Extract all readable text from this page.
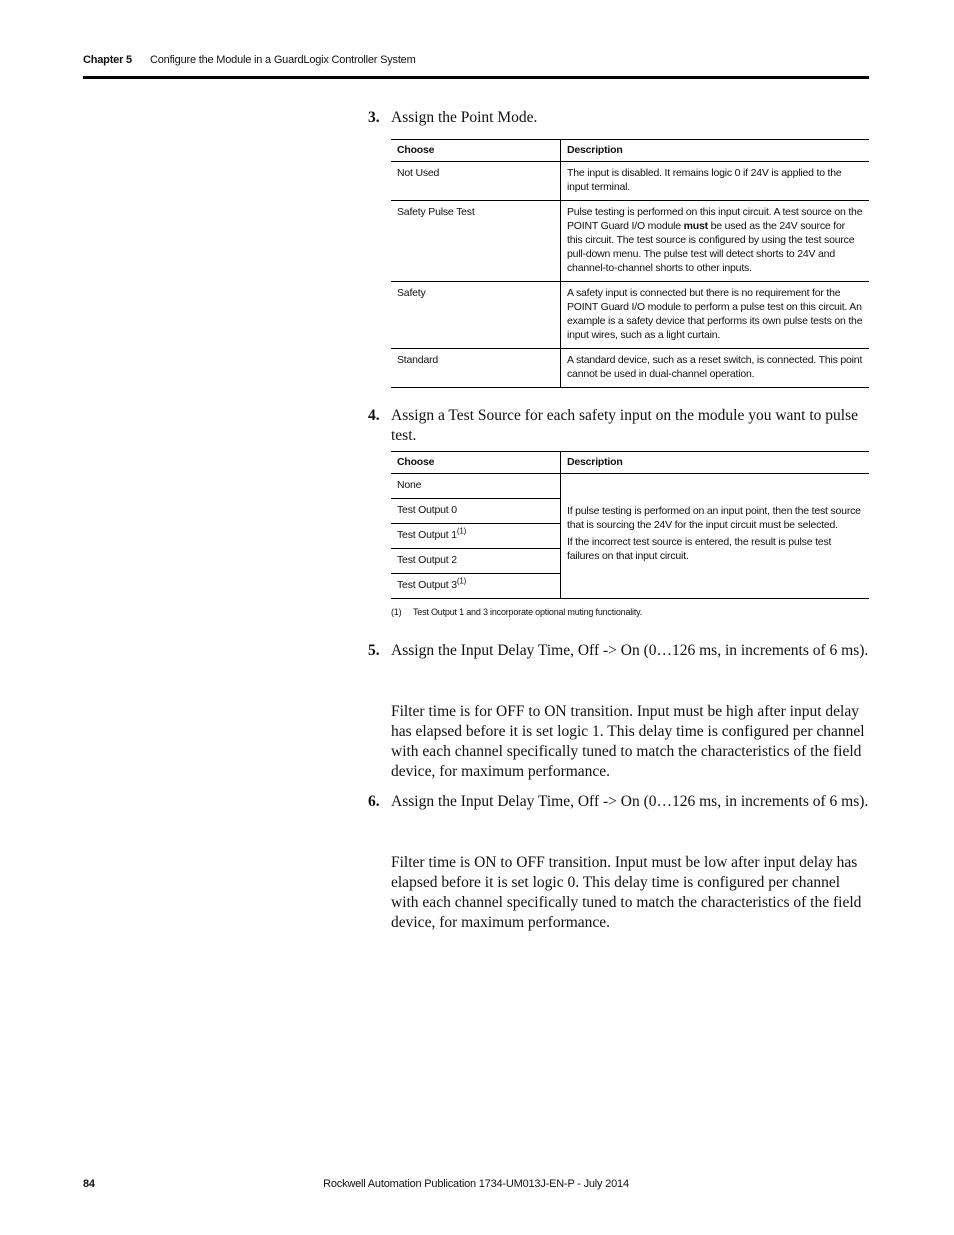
Chapter 5 Configure the Module in a GuardLogix Controller System
3. Assign the Point Mode.
Choose	Description
Not Used	The input is disabled. It remains logic 0 if 24V is applied to the input terminal.
Safety Pulse Test	Pulse testing is performed on this input circuit. A test source on the POINT Guard I/O module must be used as the 24V source for this circuit. The test source is configured by using the test source pull-down menu. The pulse test will detect shorts to 24V and channel-to-channel shorts to other inputs.
Safety	A safety input is connected but there is no requirement for the POINT Guard I/O module to perform a pulse test on this circuit. An example is a safety device that performs its own pulse tests on the input wires, such as a light curtain.
Standard	A standard device, such as a reset switch, is connected. This point cannot be used in dual-channel operation.
4. Assign a Test Source for each safety input on the module you want to pulse test.
Choose	Description
None	If pulse testing is performed on an input point, then the test source that is sourcing the 24V for the input circuit must be selected.

If the incorrect test source is entered, the result is pulse test failures on that input circuit.

Test Output 0	
Test Output 1$^{(1)}$
Test Output 2	
Test Output 3$^{(1)}$
(1) Test Output 1 and 3 incorporate optional muting functionality.
5. Assign the Input Delay Time, Off -> On (0…126 ms, in increments of 6 ms).
Filter time is for OFF to ON transition. Input must be high after input delay has elapsed before it is set logic 1. This delay time is configured per channel with each channel specifically tuned to match the characteristics of the field device, for maximum performance.
6. Assign the Input Delay Time, Off -> On (0…126 ms, in increments of 6 ms).
Filter time is ON to OFF transition. Input must be low after input delay has elapsed before it is set logic 0. This delay time is configured per channel with each channel specifically tuned to match the characteristics of the field device, for maximum performance.
84	Rockwell Automation Publication 1734-UM013J-EN-P - July 2014
